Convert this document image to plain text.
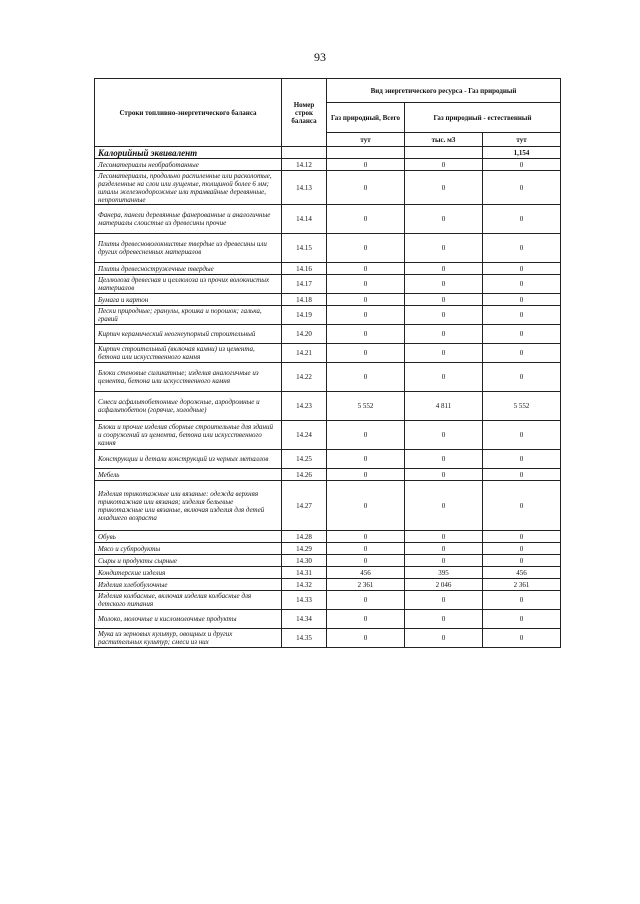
93
Строки топливно-энергетического баланса	Номер строк баланса	Вид энергетического ресурса - Газ природный		
		Газ природный, Всего	Газ природный - естественный	
		тут	тыс. м3	тут
Калорийный эквивалент				1,154
Лесоматериалы необработанные	14.12	0	0	0
Лесоматериалы, продольно распиленные или расколотые, разделенные на слои или лущеные, толщиной более 6 мм; шпалы железнодорожные или трамвайные деревянные, непропитанные	14.13	0	0	0
Фанера, панели деревянные фанерованные и аналогичные материалы слоистые из древесины прочие	14.14	0	0	0
Плиты древесноволокнистые твердые из древесины или других одревесненных материалов	14.15	0	0	0
Плиты древесностружечные твердые	14.16	0	0	0
Целлюлоза древесная и целлюлоза из прочих волокнистых материалов	14.17	0	0	0
Бумага и картон	14.18	0	0	0
Пески природные; гранулы, крошка и порошок; галька, гравий	14.19	0	0	0
Кирпич керамический неогнеупорный строительный	14.20	0	0	0
Кирпич строительный (включая камни) из цемента, бетона или искусственного камня	14.21	0	0	0
Блоки стеновые силикатные; изделия аналогичные из цемента, бетона или искусственного камня	14.22	0	0	0
Смеси асфальтобетонные дорожные, аэродромные и асфальтобетон (горячие, холодные)	14.23	5 552	4 811	5 552
Блоки и прочие изделия сборные строительные для зданий и сооружений из цемента, бетона или искусственного камня	14.24	0	0	0
Конструкции и детали конструкций из черных металлов	14.25	0	0	0
Мебель	14.26	0	0	0
Изделия трикотажные или вязаные: одежда верхняя трикотажная или вязаная; изделия бельевые трикотажные или вязаные, включая изделия для детей младшего возраста	14.27	0	0	0
Обувь	14.28	0	0	0
Мясо и субпродукты	14.29	0	0	0
Сыры и продукты сырные	14.30	0	0	0
Кондитерские изделия	14.31	456	395	456
Изделия хлебобулочные	14.32	2 361	2 046	2 361
Изделия колбасные, включая изделия колбасные для детского питания	14.33	0	0	0
Молоко, молочные и кисломолочные продукты	14.34	0	0	0
Мука из зерновых культур, овощных и других растительных культур; смеси из них	14.35	0	0	0
